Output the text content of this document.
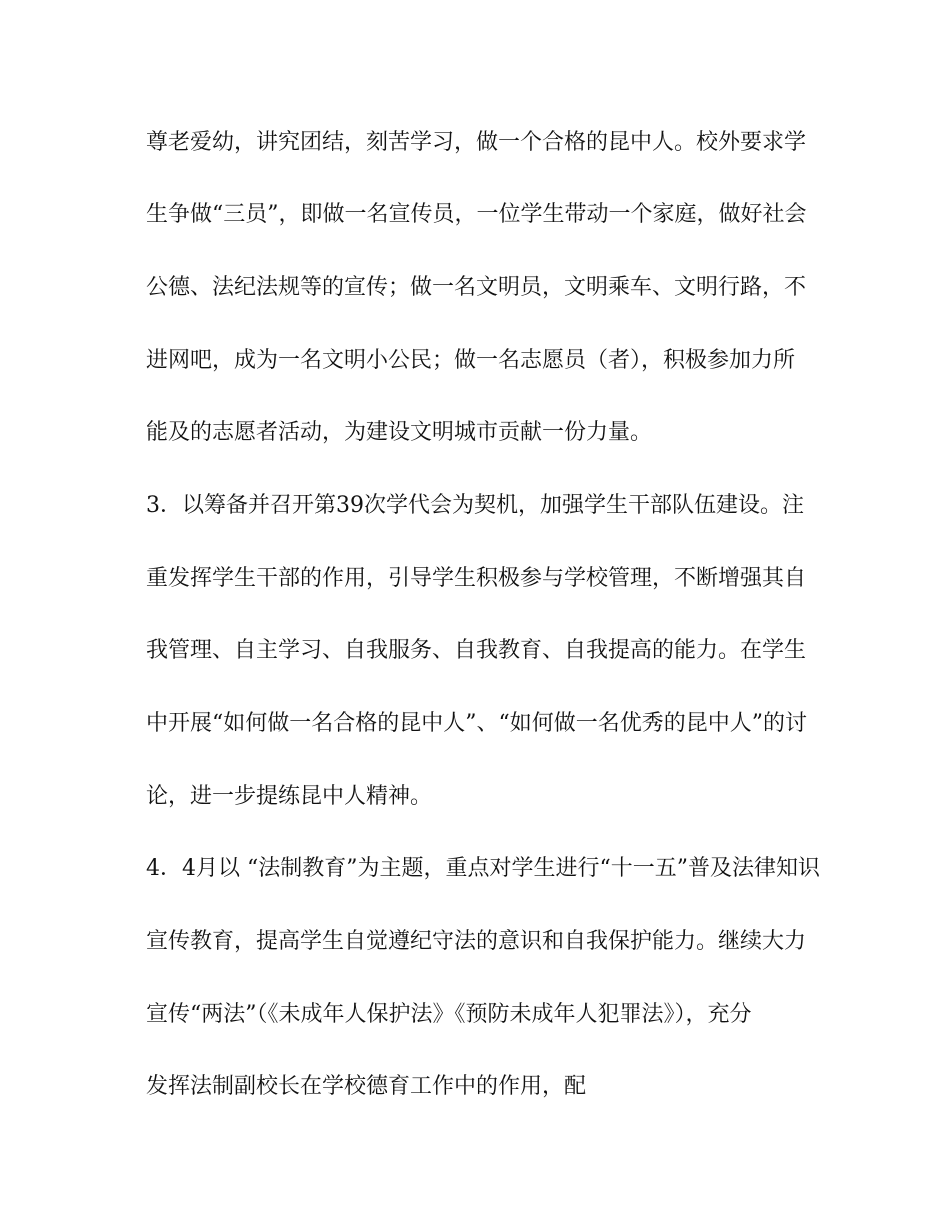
尊老爱幼，讲究团结，刻苦学习，做一个合格的昆中人。校外要求学
生争做“三员”，即做一名宣传员，一位学生带动一个家庭，做好社会
公德、法纪法规等的宣传；做一名文明员，文明乘车、文明行路，不
进网吧，成为一名文明小公民；做一名志愿员（者），积极参加力所
能及的志愿者活动，为建设文明城市贡献一份力量。
3．以筹备并召开第39次学代会为契机，加强学生干部队伍建设。注
重发挥学生干部的作用，引导学生积极参与学校管理，不断增强其自
我管理、自主学习、自我服务、自我教育、自我提高的能力。在学生
中开展“如何做一名合格的昆中人”、“如何做一名优秀的昆中人”的讨
论，进一步提练昆中人精神。
4．4月以 “法制教育”为主题，重点对学生进行“十一五”普及法律知识
宣传教育，提高学生自觉遵纪守法的意识和自我保护能力。继续大力
宣传“两法”（《未成年人保护法》《预防未成年人犯罪法》），充分
发挥法制副校长在学校德育工作中的作用，配
